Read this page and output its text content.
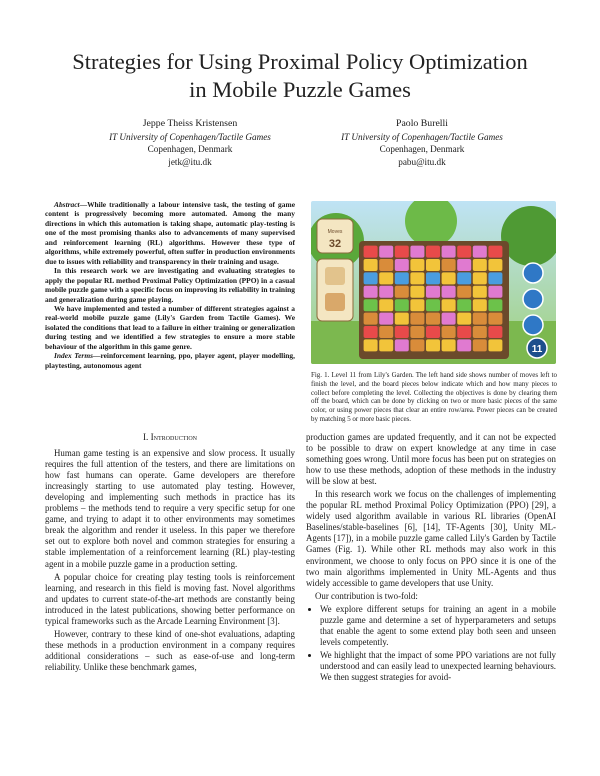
Strategies for Using Proximal Policy Optimization
in Mobile Puzzle Games
Jeppe Theiss Kristensen
IT University of Copenhagen/Tactile Games
Copenhagen, Denmark
jetk@itu.dk
Paolo Burelli
IT University of Copenhagen/Tactile Games
Copenhagen, Denmark
pabu@itu.dk

Abstract—While traditionally a labour intensive task, the testing of game content is progressively becoming more automated. Among the many directions in which this automation is taking shape, automatic play-testing is one of the most promising thanks also to advancements of many supervised and reinforcement learning (RL) algorithms. However these type of algorithms, while extremely powerful, often suffer in production environments due to issues with reliability and transparency in their training and usage.

In this research work we are investigating and evaluating strategies to apply the popular RL method Proximal Policy Optimization (PPO) in a casual mobile puzzle game with a specific focus on improving its reliability in training and generalization during game playing.

We have implemented and tested a number of different strategies against a real-world mobile puzzle game (Lily's Garden from Tactile Games). We isolated the conditions that lead to a failure in either training or generalization during testing and we identified a few strategies to ensure a more stable behaviour of the algorithm in this game genre.

Index Terms—reinforcement learning, ppo, player agent, player modelling, playtesting, autonomous agent

Moves
32
11
Fig. 1. Level 11 from Lily's Garden. The left hand side shows number of moves left to finish the level, and the board pieces below indicate which and how many pieces to collect before completing the level. Collecting the objectives is done by clearing them off the board, which can be done by clicking on two or more basic pieces of the same color, or using power pieces that clear an entire row/area. Power pieces can be created by matching 5 or more basic pieces.
I. Introduction

Human game testing is an expensive and slow process. It usually requires the full attention of the testers, and there are limitations on how fast humans can operate. Game developers are therefore increasingly starting to use automated play testing. However, developing and implementing such methods in practice has its problems – the methods tend to require a very specific setup for one game, and trying to adapt it to other environments may sometimes break the algorithm and render it useless. In this paper we therefore set out to explore both novel and common strategies for ensuring a stable implementation of a reinforcement learning (RL) play-testing agent in a mobile puzzle game in a production setting.

A popular choice for creating play testing tools is reinforcement learning, and research in this field is moving fast. Novel algorithms and updates to current state-of-the-art methods are constantly being introduced in the latest publications, showing better performance on typical frameworks such as the Arcade Learning Environment [3].

However, contrary to these kind of one-shot evaluations, adapting these methods in a production environment in a company requires additional considerations – such as ease-of-use and long-term reliability. Unlike these benchmark games,

production games are updated frequently, and it can not be expected to be possible to draw on expert knowledge at any time in case something goes wrong. Until more focus has been put on strategies on how to use these methods, adoption of these methods in the industry will be slow at best.

In this research work we focus on the challenges of implementing the popular RL method Proximal Policy Optimization (PPO) [29], a widely used algorithm available in various RL libraries (OpenAI Baselines/stable-baselines [6], [14], TF-Agents [30], Unity ML-Agents [17]), in a mobile puzzle game called Lily's Garden by Tactile Games (Fig. 1). While other RL methods may also work in this environment, we choose to only focus on PPO since it is one of the two main algorithms implemented in Unity ML-Agents and thus widely accessible to game developers that use Unity.

Our contribution is two-fold:

• We explore different setups for training an agent in a mobile puzzle game and determine a set of hyperparameters and setups that enable the agent to some extend play both seen and unseen levels competently.
• We highlight that the impact of some PPO variations are not fully understood and can easily lead to unexpected learning behaviours. We then suggest strategies for avoid-
